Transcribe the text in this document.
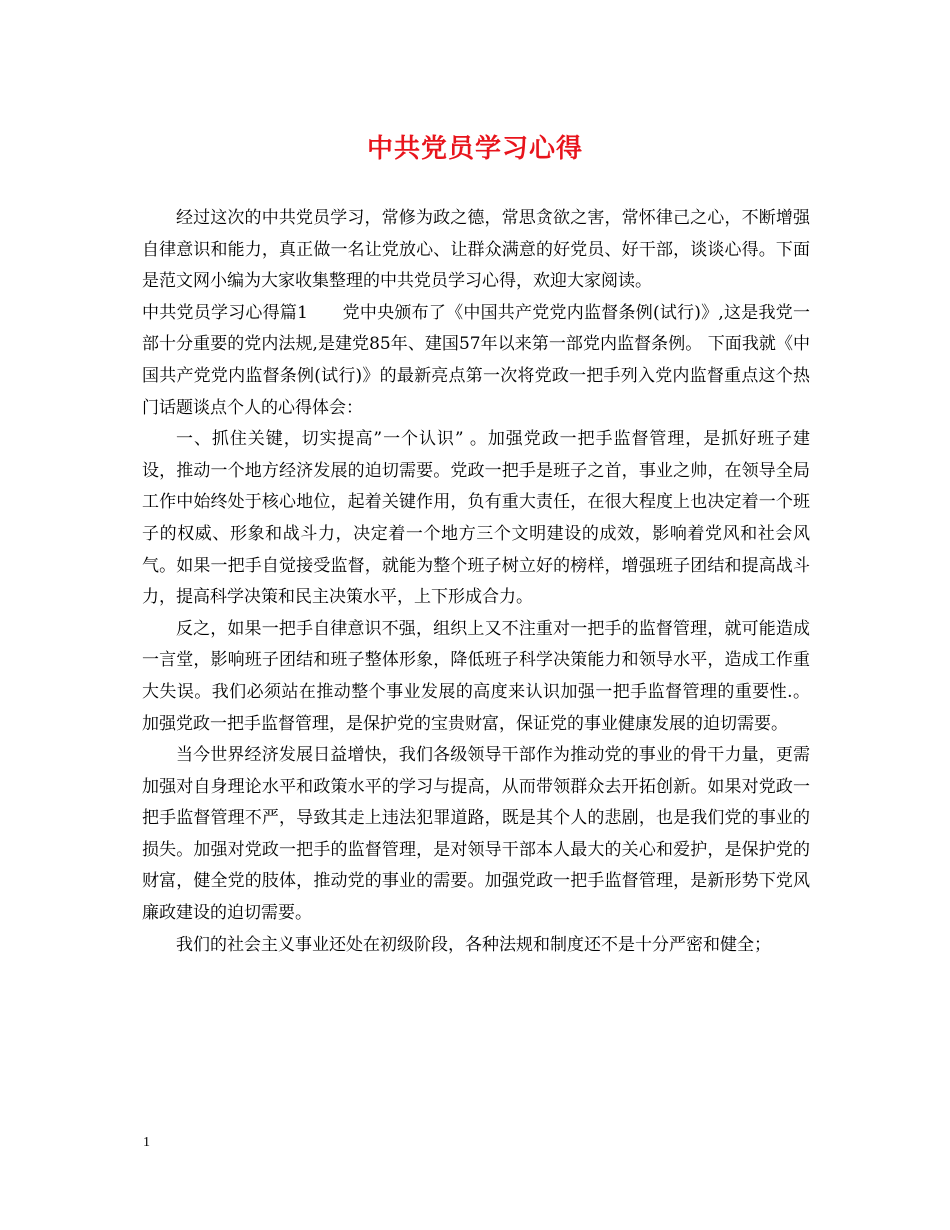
中共党员学习心得

经过这次的中共党员学习，常修为政之德，常思贪欲之害，常怀律己之心，不断增强自律意识和能力，真正做一名让党放心、让群众满意的好党员、好干部，谈谈心得。下面是范文网小编为大家收集整理的中共党员学习心得，欢迎大家阅读。

中共党员学习心得篇1　　党中央颁布了《中国共产党党内监督条例(试行)》,这是我党一部十分重要的党内法规,是建党85年、建国57年以来第一部党内监督条例。 下面我就《中国共产党党内监督条例(试行)》的最新亮点第一次将党政一把手列入党内监督重点这个热门话题谈点个人的心得体会：

一、抓住关键，切实提高”一个认识” 。加强党政一把手监督管理，是抓好班子建设，推动一个地方经济发展的迫切需要。党政一把手是班子之首，事业之帅，在领导全局工作中始终处于核心地位，起着关键作用，负有重大责任，在很大程度上也决定着一个班子的权威、形象和战斗力，决定着一个地方三个文明建设的成效，影响着党风和社会风气。如果一把手自觉接受监督，就能为整个班子树立好的榜样，增强班子团结和提高战斗力，提高科学决策和民主决策水平，上下形成合力。

反之，如果一把手自律意识不强，组织上又不注重对一把手的监督管理，就可能造成一言堂，影响班子团结和班子整体形象，降低班子科学决策能力和领导水平，造成工作重大失误。我们必须站在推动整个事业发展的高度来认识加强一把手监督管理的重要性.。加强党政一把手监督管理，是保护党的宝贵财富，保证党的事业健康发展的迫切需要。

当今世界经济发展日益增快，我们各级领导干部作为推动党的事业的骨干力量，更需加强对自身理论水平和政策水平的学习与提高，从而带领群众去开拓创新。如果对党政一把手监督管理不严，导致其走上违法犯罪道路，既是其个人的悲剧，也是我们党的事业的损失。加强对党政一把手的监督管理，是对领导干部本人最大的关心和爱护，是保护党的财富，健全党的肢体，推动党的事业的需要。加强党政一把手监督管理，是新形势下党风廉政建设的迫切需要。

我们的社会主义事业还处在初级阶段，各种法规和制度还不是十分严密和健全；

1
